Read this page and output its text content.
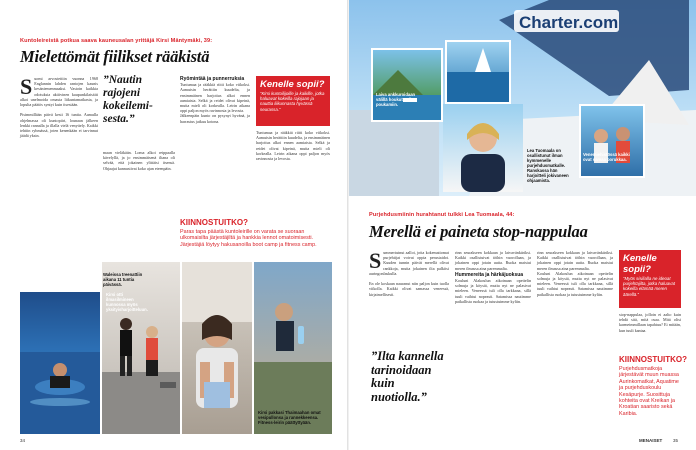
Kuntoleireistä potkua saava kauneusalan yrittäjä Kirsi Mäntymäki, 39:
Mielettömät fiilikset rääkistä
S uomi arvostettiin vuonna 1968 Englannin lahden rantojen kaunis kesäniemenmaaksi. Vastoin kaikkia odotuksia aktiivinen kaupunkilaisäiti alkoi unelmoida omasta liikuntamatkasta, ja lopulta päätös syntyi kuin itsestään.

Pisimmillään päivä kesti 16 tuntia. Aamulla ohjelmassa oli kuntopiiri, lounaan jälkeen lenkki rannalla ja illalla vielä venyttely. Kaikki tehtiin ryhmässä, joten kenenkään ei tarvinnut jäädä yksin.
”Nautin rajojeni kokeilemi-sesta.”
maan vieläkään. Loma alkoi reippaalla kävelyllä, ja jo ensimmäisenä iltana oli selvää, että jokainen ylittäisi itsensä. Ohjaajat kannustivat koko ajan eteenpäin.
Ryömintää ja punnerruksia
Tuntumaa ja rääkkiä riitti koko viikoksi. Aamuisin herättiin kuudelta, ja ensimmäinen harjoitus alkoi ennen aamiaista. Selkä ja reidet olivat kipeinä, mutta mieli oli korkealla. Leirin aikana oppi paljon myös ravinnosta ja levosta.
Jälkeenpäin kunto on pysynyt hyvänä, ja harrastus jatkuu kotona.
Kenelle sopii?
”Kirsi kuntoilijoille ja kaikille, jotka haluavat kokeilla rajojaan ja nauttia liikunnasta hyvässä seurassa.”
Tuntumaa ja rääkkiä riitti koko viikoksi. Aamuisin herättiin kuudelta, ja ensimmäinen harjoitus alkoi ennen aamiaista. Selkä ja reidet olivat kipeinä, mutta mieli oli korkealla. Leirin aikana oppi paljon myös ravinnosta ja levosta.
KIINNOSTUITKO?
Paras tapa päästä kuntoleirille on varata se suoraan ulkomaisilta järjestäjiltä ja hankkia lennot omatoimisesti. Järjestäjiä löytyy hakusanoilla boot camp ja fitness camp.
Waleissa treenattiin aikana 11 tuntia päivässä.
Kirsi otti ilmasilmineen kunnossa myös yksityisharjoitteluun.
Kirsi pakkasi Thaimaahan omat vesipullonsa ja rannekkeensa. Fitness-leirin päättyttyään.
34
Charter.com
Laiva ankkuroidaan välillä houkuttaviin poukamiin.
Lea Tuomaala on osallistunut ilman kymmenelle purjehdusmatkalle. Ranskassa hän harjoitteli jokivaneen ohjaamista.
Venemiehistössä kaikki ovat samaa porukkaa.
Purjehdusmiinin hurahtanut tulkki Lea Tuomaala, 44:
Merellä ei paineta stop-nappulaa
S ummertutnut aalloi, jotta kokemattomat purjehtijat voivat oppia perustaidot. Kuuden tunnin päivät merellä olivat rankkoja, mutta jokainen ilta palkitsi auringonlaskulla.

En ole koskaan nauranut niin paljon kuin tuolla viikolla. Kaikki olivat samassa veneessä, kirjaimellisesti.
”Ilta kannella tarinoidaan kuin nuotiolla.”
rinn seurakseen kokkaan ja laivavänkäriksi. Kaikki osallistuivat töihin vuorollaan, ja jokainen oppi jotain uutta. Ruoka maistui meren ilmassa aina paremmalta.
Hummereita ja härkäjuoksua
Kouluni Alakoulun aikoinaan opettelin solmuja ja köysiä, mutta nyt ne palasivat mieleen. Veneessä tuli olla tarkkana, sillä tuuli vaihtui nopeasti. Satamissa nautimme paikallista ruokaa ja tutustuimme kyliin.
rinn seurakseen kokkaan ja laivavänkäriksi. Kaikki osallistuivat töihin vuorollaan, ja jokainen oppi jotain uutta. Ruoka maistui meren ilmassa aina paremmalta.
Kouluni Alakoulun aikoinaan opettelin solmuja ja köysiä, mutta nyt ne palasivat mieleen. Veneessä tuli olla tarkkana, sillä tuuli vaihtui nopeasti. Satamissa nautimme paikallista ruokaa ja tutustuimme kyliin.
Kenelle sopii?
”Myös sisilialla ne ideoat purjehtajilta, jotka haluavat kokeilla elämää meren äärellä.”
stop-nappulaa, jolloin ei aalto kuin tehdä sitä, mitä osaa. Mitä olisi karmeimmillaan tapahtuu? Ei mitään, kun tuuli kantaa.
KIINNOSTUITKO?
Purjehdusmatkoja järjestävät muun muassa Aurinkomatkat, Aquatime ja purjehduskoulu Kesäpurje. Suosittuja kohteita ovat Kreikan ja Kroatian saaristo sekä Karibia.
MENAISET 35
